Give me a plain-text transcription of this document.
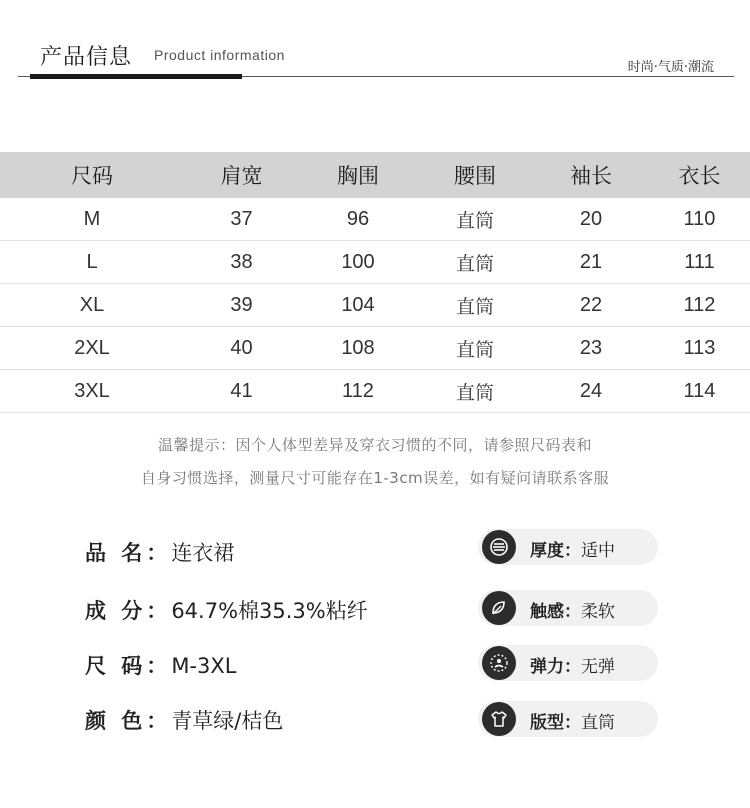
产品信息 Product information
时尚·气质·潮流
尺码	肩宽	胸围	腰围	袖长	衣长
M	37	96	直筒	20	110
L	38	100	直筒	21	111
XL	39	104	直筒	22	112
2XL	40	108	直筒	23	113
3XL	41	112	直筒	24	114
温馨提示：因个人体型差异及穿衣习惯的不同，请参照尺码表和
自身习惯选择，测量尺寸可能存在1-3cm误差，如有疑问请联系客服
品 名：连衣裙
成 分：64.7%棉35.3%粘纤
尺 码：M-3XL
颜 色：青草绿/桔色
厚度：适中
触感：柔软
弹力：无弹
版型：直筒
